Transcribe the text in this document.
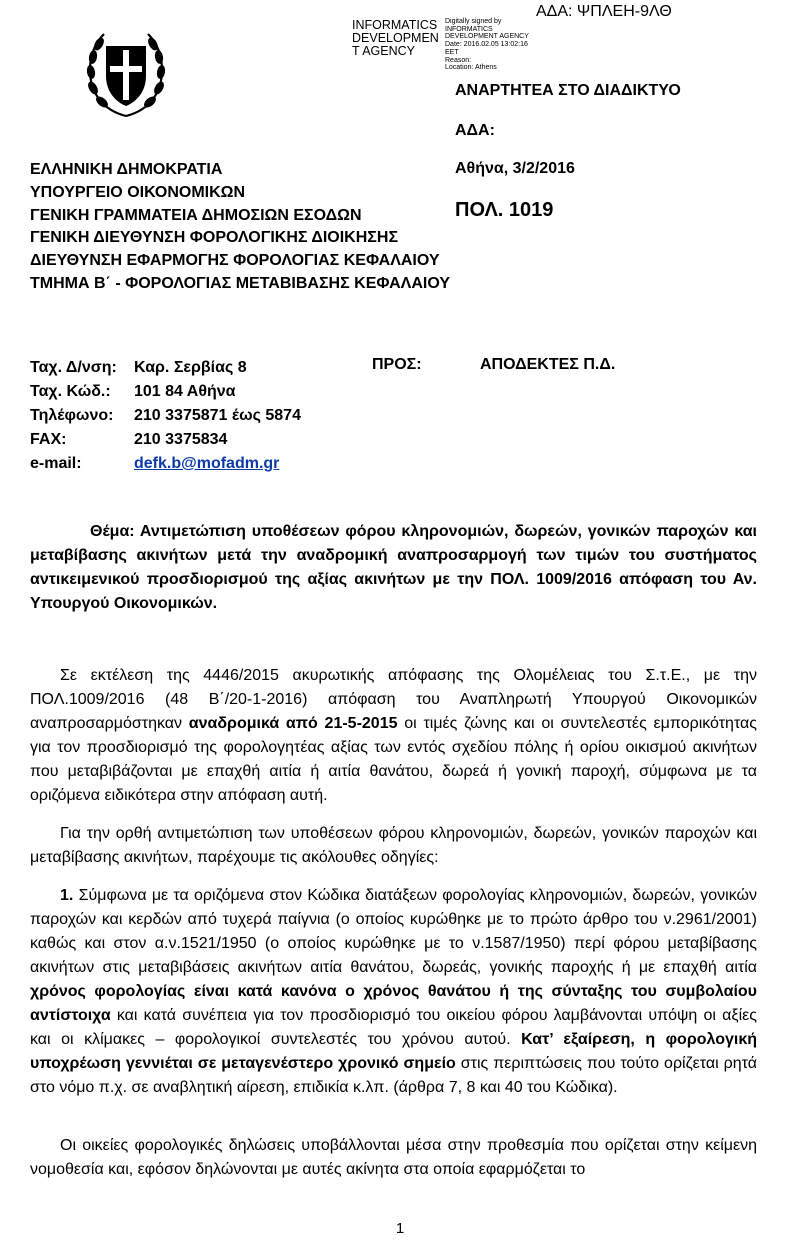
INFORMATICS
DEVELOPMEN
T AGENCY
Digitally signed by
INFORMATICS
DEVELOPMENT AGENCY
Date: 2016.02.05 13:02:16
EET
Reason:
Location: Athens
ΑΔΑ: ΨΠΛΕΗ-9ΛΘ
ΑΝΑΡΤΗΤΕΑ ΣΤΟ ΔΙΑΔΙΚΤΥΟ
ΑΔΑ:
Αθήνα, 3/2/2016
ΠΟΛ. 1019
ΕΛΛΗΝΙΚΗ ΔΗΜΟΚΡΑΤΙΑ
ΥΠΟΥΡΓΕΙΟ ΟΙΚΟΝΟΜΙΚΩΝ
ΓΕΝΙΚΗ ΓΡΑΜΜΑΤΕΙΑ ΔΗΜΟΣΙΩΝ ΕΣΟΔΩΝ
ΓΕΝΙΚΗ ΔΙΕΥΘΥΝΣΗ ΦΟΡΟΛΟΓΙΚΗΣ ΔΙΟΙΚΗΣΗΣ
ΔΙΕΥΘΥΝΣΗ ΕΦΑΡΜΟΓΗΣ ΦΟΡΟΛΟΓΙΑΣ ΚΕΦΑΛΑΙΟΥ
ΤΜΗΜΑ Β΄ - ΦΟΡΟΛΟΓΙΑΣ ΜΕΤΑΒΙΒΑΣΗΣ ΚΕΦΑΛΑΙΟΥ
Ταχ. Δ/νση:
Ταχ. Κώδ.:
Τηλέφωνο:
FAX:
e-mail:
Καρ. Σερβίας 8
101 84 Αθήνα
210 3375871 έως 5874
210 3375834
defk.b@mofadm.gr
ΠΡΟΣ:	ΑΠΟΔΕΚΤΕΣ Π.Δ.
Θέμα: Αντιμετώπιση υποθέσεων φόρου κληρονομιών, δωρεών, γονικών παροχών και μεταβίβασης ακινήτων μετά την αναδρομική αναπροσαρμογή των τιμών του συστήματος αντικειμενικού προσδιορισμού της αξίας ακινήτων με την ΠΟΛ. 1009/2016 απόφαση του Αν. Υπουργού Οικονομικών.
Σε εκτέλεση της 4446/2015 ακυρωτικής απόφασης της Ολομέλειας του Σ.τ.Ε., με την ΠΟΛ.1009/2016 (48 Β΄/20-1-2016) απόφαση του Αναπληρωτή Υπουργού Οικονομικών αναπροσαρμόστηκαν αναδρομικά από 21-5-2015 οι τιμές ζώνης και οι συντελεστές εμπορικότητας για τον προσδιορισμό της φορολογητέας αξίας των εντός σχεδίου πόλης ή ορίου οικισμού ακινήτων που μεταβιβάζονται με επαχθή αιτία ή αιτία θανάτου, δωρεά ή γονική παροχή, σύμφωνα με τα οριζόμενα ειδικότερα στην απόφαση αυτή.
Για την ορθή αντιμετώπιση των υποθέσεων φόρου κληρονομιών, δωρεών, γονικών παροχών και μεταβίβασης ακινήτων, παρέχουμε τις ακόλουθες οδηγίες:
1. Σύμφωνα με τα οριζόμενα στον Κώδικα διατάξεων φορολογίας κληρονομιών, δωρεών, γονικών παροχών και κερδών από τυχερά παίγνια (ο οποίος κυρώθηκε με το πρώτο άρθρο του ν.2961/2001) καθώς και στον α.ν.1521/1950 (ο οποίος κυρώθηκε με το ν.1587/1950) περί φόρου μεταβίβασης ακινήτων στις μεταβιβάσεις ακινήτων αιτία θανάτου, δωρεάς, γονικής παροχής ή με επαχθή αιτία χρόνος φορολογίας είναι κατά κανόνα ο χρόνος θανάτου ή της σύνταξης του συμβολαίου αντίστοιχα και κατά συνέπεια για τον προσδιορισμό του οικείου φόρου λαμβάνονται υπόψη οι αξίες και οι κλίμακες – φορολογικοί συντελεστές του χρόνου αυτού. Κατ’ εξαίρεση, η φορολογική υποχρέωση γεννιέται σε μεταγενέστερο χρονικό σημείο στις περιπτώσεις που τούτο ορίζεται ρητά στο νόμο π.χ. σε αναβλητική αίρεση, επιδικία κ.λπ. (άρθρα 7, 8 και 40 του Κώδικα).
Οι οικείες φορολογικές δηλώσεις υποβάλλονται μέσα στην προθεσμία που ορίζεται στην κείμενη νομοθεσία και, εφόσον δηλώνονται με αυτές ακίνητα στα οποία εφαρμόζεται το
1
